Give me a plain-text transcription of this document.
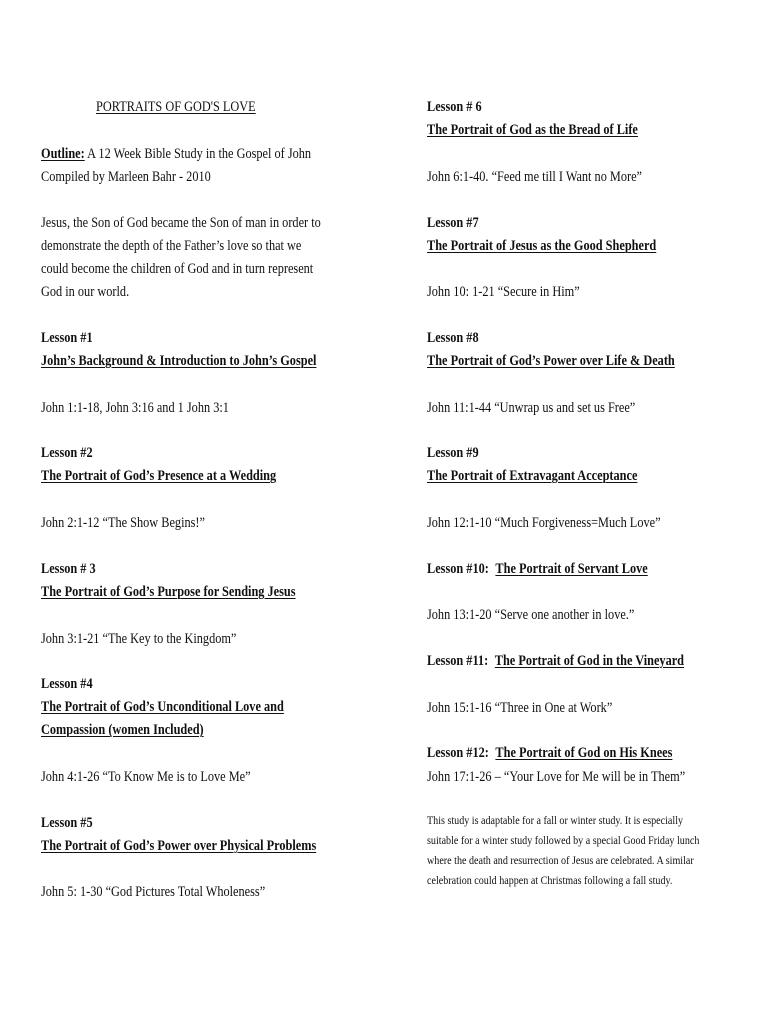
PORTRAITS OF GOD'S LOVE
Outline: A 12 Week Bible Study in the Gospel of John
Compiled by Marleen Bahr - 2010
Jesus, the Son of God became the Son of man in order to
demonstrate the depth of the Father’s love so that we
could become the children of God and in turn represent
God in our world.
Lesson #1
John’s Background & Introduction to John’s Gospel
John 1:1-18, John 3:16 and 1 John 3:1
Lesson #2
The Portrait of God’s Presence at a Wedding
John 2:1-12 “The Show Begins!”
Lesson # 3
The Portrait of God’s Purpose for Sending Jesus
John 3:1-21 “The Key to the Kingdom”
Lesson #4
The Portrait of God’s Unconditional Love and
Compassion (women Included)
John 4:1-26 “To Know Me is to Love Me”
Lesson #5
The Portrait of God’s Power over Physical Problems
John 5: 1-30 “God Pictures Total Wholeness”
Lesson # 6
The Portrait of God as the Bread of Life
John 6:1-40. “Feed me till I Want no More”
Lesson #7
The Portrait of Jesus as the Good Shepherd
John 10: 1-21 “Secure in Him”
Lesson #8
The Portrait of God’s Power over Life & Death
John 11:1-44 “Unwrap us and set us Free”
Lesson #9
The Portrait of Extravagant Acceptance
John 12:1-10 “Much Forgiveness=Much Love”
Lesson #10: The Portrait of Servant Love
John 13:1-20 “Serve one another in love.”
Lesson #11: The Portrait of God in the Vineyard
John 15:1-16 “Three in One at Work”
Lesson #12: The Portrait of God on His Knees
John 17:1-26 – “Your Love for Me will be in Them”
This study is adaptable for a fall or winter study. It is especially
suitable for a winter study followed by a special Good Friday lunch
where the death and resurrection of Jesus are celebrated. A similar
celebration could happen at Christmas following a fall study.
